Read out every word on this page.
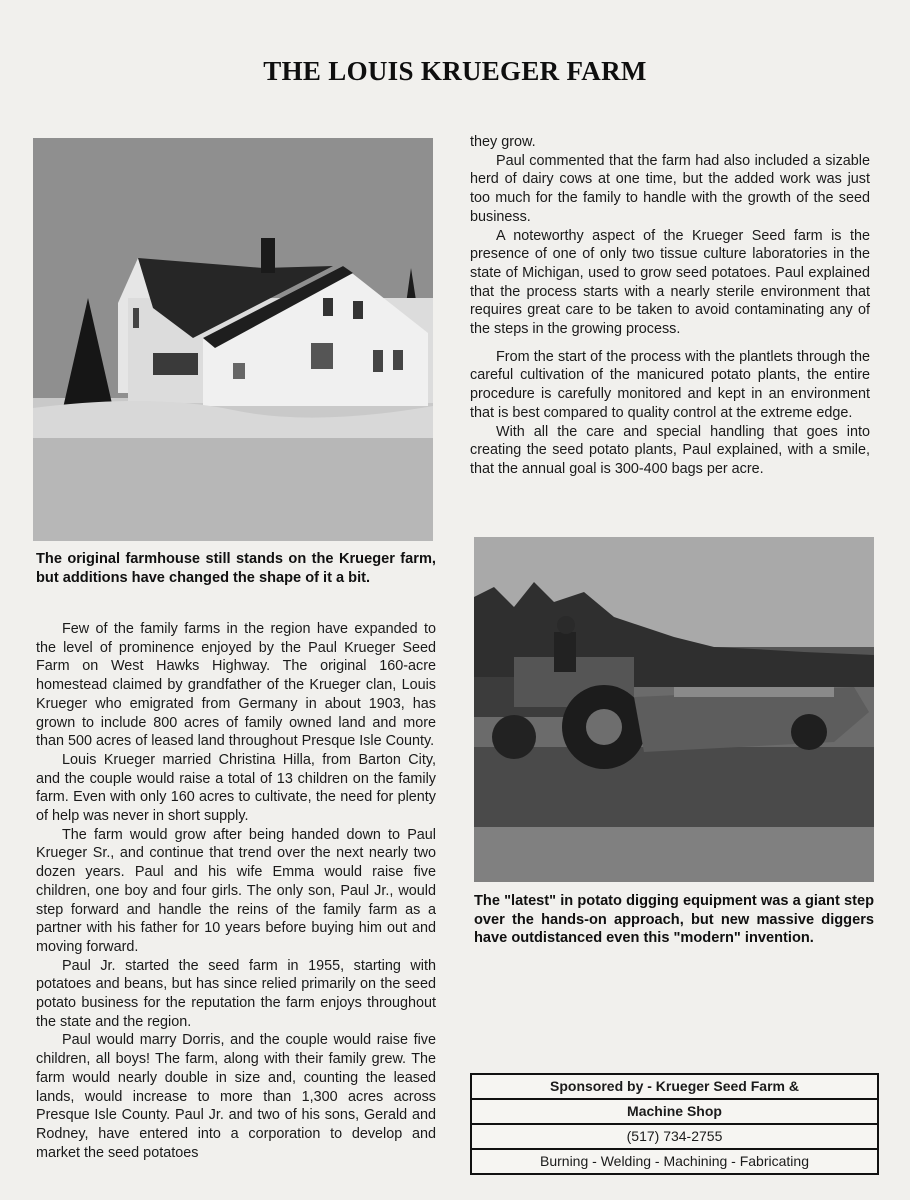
THE LOUIS KRUEGER FARM
The original farmhouse still stands on the Krueger farm, but additions have changed the shape of it a bit.

Few of the family farms in the region have expanded to the level of prominence enjoyed by the Paul Krueger Seed Farm on West Hawks Highway. The original 160-acre homestead claimed by grandfather of the Krueger clan, Louis Krueger who emigrated from Germany in about 1903, has grown to include 800 acres of family owned land and more than 500 acres of leased land throughout Presque Isle County.

Louis Krueger married Christina Hilla, from Barton City, and the couple would raise a total of 13 children on the family farm. Even with only 160 acres to cultivate, the need for plenty of help was never in short supply.

The farm would grow after being handed down to Paul Krueger Sr., and continue that trend over the next nearly two dozen years. Paul and his wife Emma would raise five children, one boy and four girls. The only son, Paul Jr., would step forward and handle the reins of the family farm as a partner with his father for 10 years before buying him out and moving forward.

Paul Jr. started the seed farm in 1955, starting with potatoes and beans, but has since relied primarily on the seed potato business for the reputation the farm enjoys throughout the state and the region.

Paul would marry Dorris, and the couple would raise five children, all boys! The farm, along with their family grew. The farm would nearly double in size and, counting the leased lands, would increase to more than 1,300 acres across Presque Isle County. Paul Jr. and two of his sons, Gerald and Rodney, have entered into a corporation to develop and market the seed potatoes

they grow.

Paul commented that the farm had also included a sizable herd of dairy cows at one time, but the added work was just too much for the family to handle with the growth of the seed business.

A noteworthy aspect of the Krueger Seed farm is the presence of one of only two tissue culture laboratories in the state of Michigan, used to grow seed potatoes. Paul explained that the process starts with a nearly sterile environment that requires great care to be taken to avoid contaminating any of the steps in the growing process.

From the start of the process with the plantlets through the careful cultivation of the manicured potato plants, the entire procedure is carefully monitored and kept in an environment that is best compared to quality control at the extreme edge.

With all the care and special handling that goes into creating the seed potato plants, Paul explained, with a smile, that the annual goal is 300-400 bags per acre.

The "latest" in potato digging equipment was a giant step over the hands-on approach, but new massive diggers have outdistanced even this "modern" invention.
Sponsored by - Krueger Seed Farm &
Machine Shop
(517) 734-2755
Burning - Welding - Machining - Fabricating
